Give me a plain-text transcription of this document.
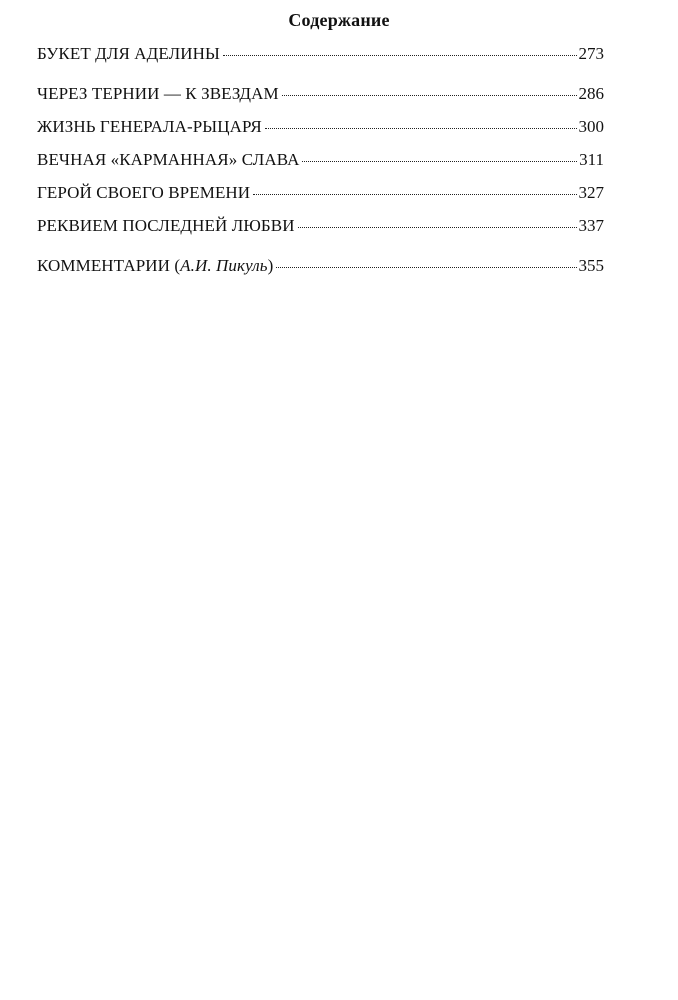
Содержание
БУКЕТ ДЛЯ АДЕЛИНЫ	273
ЧЕРЕЗ ТЕРНИИ — К ЗВЕЗДАМ	286
ЖИЗНЬ ГЕНЕРАЛА-РЫЦАРЯ	300
ВЕЧНАЯ «КАРМАННАЯ» СЛАВА	311
ГЕРОЙ СВОЕГО ВРЕМЕНИ	327
РЕКВИЕМ ПОСЛЕДНЕЙ ЛЮБВИ	337
КОММЕНТАРИИ (А.И. Пикуль)	355
